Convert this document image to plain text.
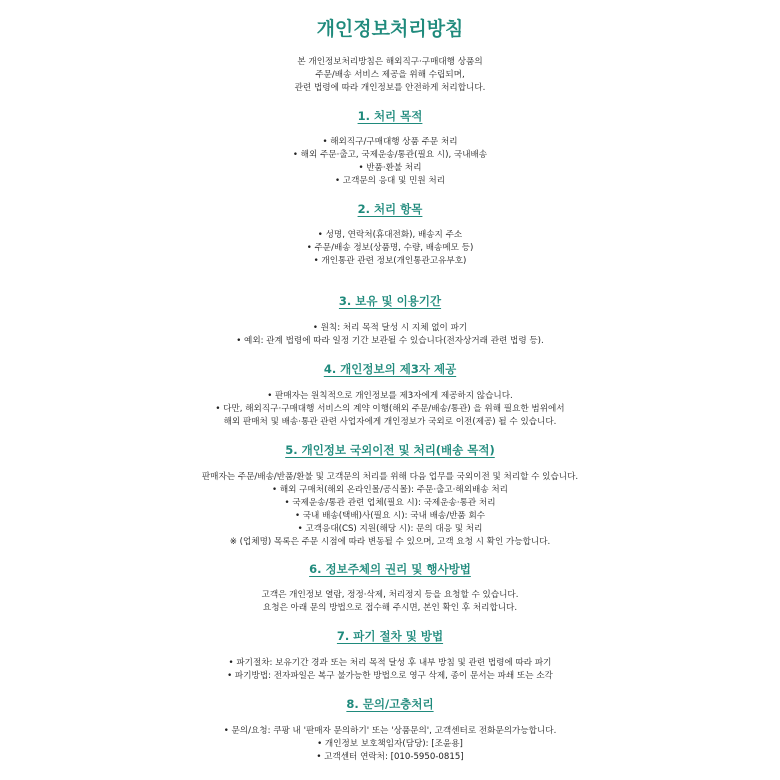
개인정보처리방침
본 개인정보처리방침은 해외직구·구매대행 상품의
주문/배송 서비스 제공을 위해 수립되며,
관련 법령에 따라 개인정보를 안전하게 처리합니다.
1. 처리 목적
• 해외직구/구매대행 상품 주문 처리
• 해외 주문·출고, 국제운송/통관(필요 시), 국내배송
• 반품·환불 처리
• 고객문의 응대 및 민원 처리
2. 처리 항목
• 성명, 연락처(휴대전화), 배송지 주소
• 주문/배송 정보(상품명, 수량, 배송메모 등)
• 개인통관 관련 정보(개인통관고유부호)
3. 보유 및 이용기간
• 원칙: 처리 목적 달성 시 지체 없이 파기
• 예외: 관계 법령에 따라 일정 기간 보관될 수 있습니다(전자상거래 관련 법령 등).
4. 개인정보의 제3자 제공
• 판매자는 원칙적으로 개인정보를 제3자에게 제공하지 않습니다.
• 다만, 해외직구·구매대행 서비스의 계약 이행(해외 주문/배송/통관) 을 위해 필요한 범위에서
해외 판매처 및 배송·통관 관련 사업자에게 개인정보가 국외로 이전(제공) 될 수 있습니다.
5. 개인정보 국외이전 및 처리(배송 목적)
판매자는 주문/배송/반품/환불 및 고객문의 처리를 위해 다음 업무를 국외이전 및 처리할 수 있습니다.
• 해외 구매처(해외 온라인몰/공식몰): 주문·출고·해외배송 처리
• 국제운송/통관 관련 업체(필요 시): 국제운송·통관 처리
• 국내 배송(택배)사(필요 시): 국내 배송/반품 회수
• 고객응대(CS) 지원(해당 시): 문의 대응 및 처리
※ (업체명) 목록은 주문 시점에 따라 변동될 수 있으며, 고객 요청 시 확인 가능합니다.
6. 정보주체의 권리 및 행사방법
고객은 개인정보 열람, 정정·삭제, 처리정지 등을 요청할 수 있습니다.
요청은 아래 문의 방법으로 접수해 주시면, 본인 확인 후 처리합니다.
7. 파기 절차 및 방법
• 파기절차: 보유기간 경과 또는 처리 목적 달성 후 내부 방침 및 관련 법령에 따라 파기
• 파기방법: 전자파일은 복구 불가능한 방법으로 영구 삭제, 종이 문서는 파쇄 또는 소각
8. 문의/고충처리
• 문의/요청: 쿠팡 내 '판매자 문의하기' 또는 '상품문의', 고객센터로 전화문의가능합니다.
• 개인정보 보호책임자(담당): [조윤용]
• 고객센터 연락처: [010-5950-0815]
